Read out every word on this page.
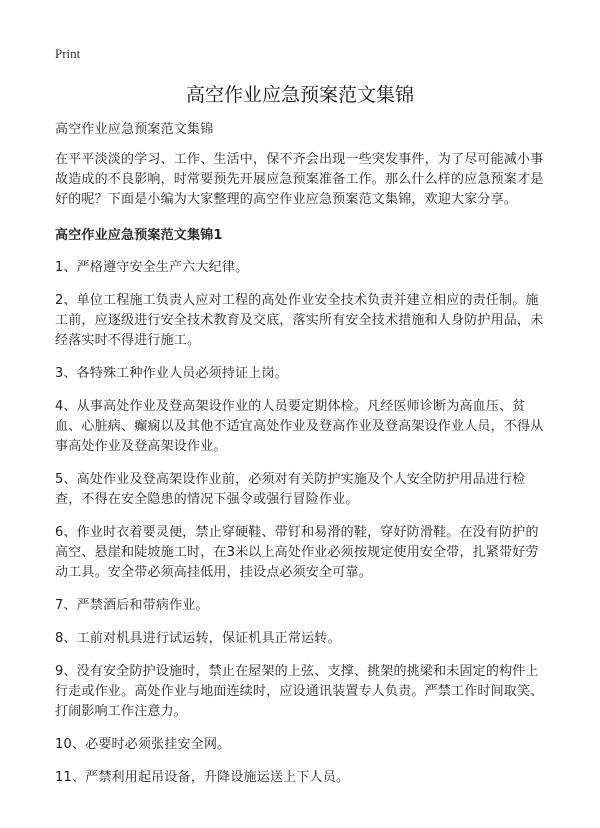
Print
高空作业应急预案范文集锦

高空作业应急预案范文集锦

在平平淡淡的学习、工作、生活中，保不齐会出现一些突发事件，为了尽可能减小事故造成的不良影响，时常要预先开展应急预案准备工作。那么什么样的应急预案才是好的呢？下面是小编为大家整理的高空作业应急预案范文集锦，欢迎大家分享。

高空作业应急预案范文集锦1

1、严格遵守安全生产六大纪律。

2、单位工程施工负责人应对工程的高处作业安全技术负责并建立相应的责任制。施工前，应逐级进行安全技术教育及交底，落实所有安全技术措施和人身防护用品，未经落实时不得进行施工。

3、各特殊工种作业人员必须持证上岗。

4、从事高处作业及登高架设作业的人员要定期体检。凡经医师诊断为高血压、贫血、心脏病、癫痫以及其他不适宜高处作业及登高作业及登高架设作业人员，不得从事高处作业及登高架设作业。

5、高处作业及登高架设作业前，必须对有关防护实施及个人安全防护用品进行检查，不得在安全隐患的情况下强令或强行冒险作业。

6、作业时衣着要灵便，禁止穿硬鞋、带钉和易滑的鞋，穿好防滑鞋。在没有防护的高空、悬崖和陡坡施工时，在3米以上高处作业必须按规定使用安全带，扎紧带好劳动工具。安全带必须高挂低用，挂设点必须安全可靠。

7、严禁酒后和带病作业。

8、工前对机具进行试运转，保证机具正常运转。

9、没有安全防护设施时，禁止在屋架的上弦、支撑、挑架的挑梁和未固定的构件上行走或作业。高处作业与地面连续时，应设通讯装置专人负责。严禁工作时间取笑、打闹影响工作注意力。

10、必要时必须张挂安全网。

11、严禁利用起吊设备，升降设施运送上下人员。
